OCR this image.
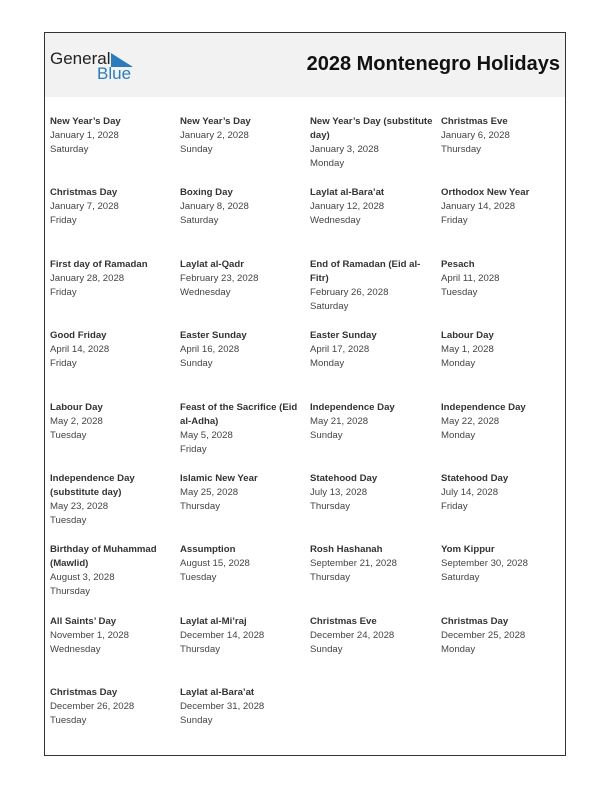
General
Blue	2028 Montenegro Holidays
New Year’s Day
January 1, 2028
Saturday
New Year’s Day
January 2, 2028
Sunday
New Year’s Day (substitute day)
January 3, 2028
Monday
Christmas Eve
January 6, 2028
Thursday
Christmas Day
January 7, 2028
Friday
Boxing Day
January 8, 2028
Saturday
Laylat al-Bara’at
January 12, 2028
Wednesday
Orthodox New Year
January 14, 2028
Friday
First day of Ramadan
January 28, 2028
Friday
Laylat al-Qadr
February 23, 2028
Wednesday
End of Ramadan (Eid al-Fitr)
February 26, 2028
Saturday
Pesach
April 11, 2028
Tuesday
Good Friday
April 14, 2028
Friday
Easter Sunday
April 16, 2028
Sunday
Easter Sunday
April 17, 2028
Monday
Labour Day
May 1, 2028
Monday
Labour Day
May 2, 2028
Tuesday
Feast of the Sacrifice (Eid al-Adha)
May 5, 2028
Friday
Independence Day
May 21, 2028
Sunday
Independence Day
May 22, 2028
Monday
Independence Day (substitute day)
May 23, 2028
Tuesday
Islamic New Year
May 25, 2028
Thursday
Statehood Day
July 13, 2028
Thursday
Statehood Day
July 14, 2028
Friday
Birthday of Muhammad (Mawlid)
August 3, 2028
Thursday
Assumption
August 15, 2028
Tuesday
Rosh Hashanah
September 21, 2028
Thursday
Yom Kippur
September 30, 2028
Saturday
All Saints’ Day
November 1, 2028
Wednesday
Laylat al-Mi’raj
December 14, 2028
Thursday
Christmas Eve
December 24, 2028
Sunday
Christmas Day
December 25, 2028
Monday
Christmas Day
December 26, 2028
Tuesday
Laylat al-Bara’at
December 31, 2028
Sunday
